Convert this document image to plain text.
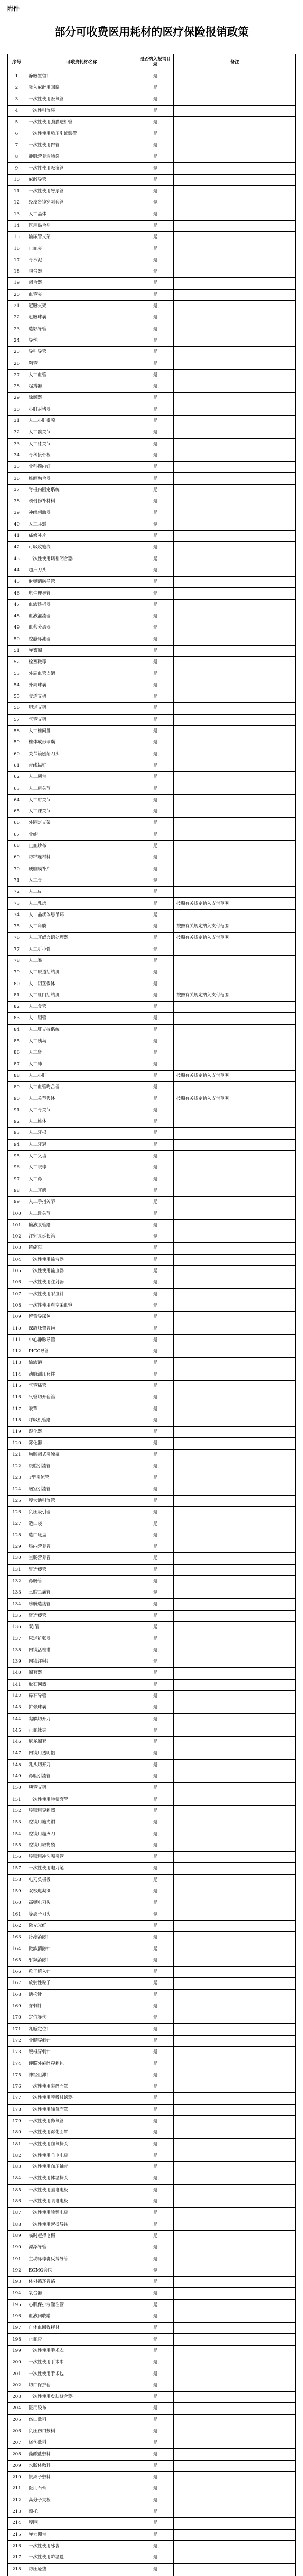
附件
部分可收费医用耗材的医疗保险报销政策
序号	可收费耗材名称	是否纳入报销目录	备注
1	静脉置留针	是	
2	吸入麻醉用回路	是	
3	一次性使用吸氧管	是	
4	一次性引流袋	是	
5	一次性使用腹膜透析管	是	
6	一次性使用负压引流装置	是	
7	一次性使用胃管	是	
8	静脉营养输液袋	是	
9	一次性使用吸痰管	是	
10	麻醉导管	是	
11	一次性使用导尿管	是	
12	经皮肾镜穿刺套管	是	
13	人工晶体	是	
14	医用黏合剂	是	
15	输尿管支架	是	
16	止血夹	是	
17	骨水泥	是	
18	吻合器	是	
19	闭合器	是	
20	血管夹	是	
21	冠脉支架	是	
22	冠脉球囊	是	
23	造影导管	是	
24	导丝	是	
25	导引导管	是	
26	鞘管	是	
27	人工血管	是	
28	起搏器	是	
29	除颤器	是	
30	心脏封堵器	是	
31	人工心脏瓣膜	是	
32	人工髋关节	是	
33	人工膝关节	是	
34	骨科接骨板	是	
35	骨科髓内钉	是	
36	椎间融合器	是	
37	脊柱内固定系统	是	
38	颅骨修补材料	是	
39	神经刺激器	是	
40	人工耳蜗	是	
41	疝修补片	是	
42	可吸收缝线	是	
43	一次性使用切割闭合器	是	
44	超声刀头	是	
45	射频消融导管	是	
46	电生理导管	是	
47	血液透析器	是	
48	血液灌流器	是	
49	血浆分离器	是	
50	腔静脉滤器	是	
51	弹簧圈	是	
52	栓塞微球	是	
53	外周血管支架	是	
54	外周球囊	是	
55	食道支架	是	
56	胆道支架	是	
57	气管支架	是	
58	人工椎间盘	是	
59	椎体成形球囊	是	
60	关节镜刨削刀头	是	
61	带线锚钉	是	
62	人工韧带	是	
63	人工肩关节	是	
64	人工肘关节	是	
65	人工踝关节	是	
66	外固定支架	是	
67	骨蜡	是	
68	止血纱布	是	
69	防粘连材料	是	
70	硬脑膜补片	是	
71	人工骨	是	
72	人工皮	是	
73	人工乳房	是	按照有关规定纳入支付范围
74	人工晶状体悬吊环	是	
75	人工角膜	是	按照有关规定纳入支付范围
76	人工耳蜗言语处理器	是	按照有关规定纳入支付范围
77	人工听小骨	是	
78	人工喉	是	
79	人工尿道括约肌	是	
80	人工阴茎假体	是	
81	人工肛门括约肌	是	按照有关规定纳入支付范围
82	人工食管	是	
83	人工胆管	是	
84	人工肝支持系统	是	
85	人工胰岛	是	
86	人工肾	是	
87	人工肺	是	
88	人工心脏	是	按照有关规定纳入支付范围
89	人工血管吻合器	是	
90	人工关节假体	是	按照有关规定纳入支付范围
91	人工骨关节	是	
92	人工椎体	是	
93	人工牙根	是	
94	人工牙冠	是	
95	人工义齿	是	
96	人工眼球	是	
97	人工鼻	是	
98	人工耳廓	是	
99	人工手指关节	是	
100	人工趾关节	是	
101	输液泵管路	是	
102	注射泵延长管	是	
103	镇痛泵	是	
104	一次性使用输液器	是	
105	一次性使用输血器	是	
106	一次性使用注射器	是	
107	一次性使用采血针	是	
108	一次性使用真空采血管	是	
109	留置导尿包	是	
110	深静脉置管包	是	
111	中心静脉导管	是	
112	PICC导管	是	
113	输液港	是	
114	动脉测压套件	是	
115	气管插管	是	
116	气管切开套管	是	
117	喉罩	是	
118	呼吸机管路	是	
119	湿化器	是	
120	雾化器	是	
121	胸腔闭式引流瓶	是	
122	腹腔引流管	是	
123	T型引流管	是	
124	脑室引流管	是	
125	腰大池引流管	是	
126	负压吸引器	是	
127	造口袋	是	
128	造口底盘	是	
129	肠内营养管	是	
130	空肠营养管	是	
131	胃造瘘管	是	
132	鼻肠管	是	
133	三腔二囊管	是	
134	膀胱造瘘管	是	
135	肾造瘘管	是	
136	双J管	是	
137	尿道扩张器	是	
138	内镜活检钳	是	
139	内镜注射针	是	
140	圈套器	是	
141	取石网篮	是	
142	碎石导管	是	
143	扩张球囊	是	
144	黏膜切开刀	是	
145	止血钛夹	是	
146	尼龙圈套	是	
147	内镜用透明帽	是	
148	乳头切开刀	是	
149	鼻胆引流管	是	
150	胰管支架	是	
151	一次性使用腔镜套管	是	
152	腔镜用穿刺器	是	
153	腔镜用施夹钳	是	
154	腔镜用超声刀	是	
155	腔镜用取物袋	是	
156	腔镜用冲洗吸引管	是	
157	一次性使用电刀笔	是	
158	电刀负极板	是	
159	双极电凝镊	是	
160	高频电刀头	是	
161	等离子刀头	是	
162	激光光纤	是	
163	冷冻消融针	是	
164	微波消融针	是	
165	射频消融针	是	
166	粒子植入针	是	
167	放射性粒子	是	
168	活检针	是	
169	穿刺针	是	
170	定位导丝	是	
171	乳腺定位针	是	
172	骨髓穿刺针	是	
173	腰椎穿刺针	是	
174	硬膜外麻醉穿刺包	是	
175	神经阻滞针	是	
176	一次性使用麻醉面罩	是	
177	一次性使用呼吸过滤器	是	
178	一次性使用储氧面罩	是	
179	一次性使用鼻氧管	是	
180	一次性使用雾化面罩	是	
181	一次性使用血氧探头	是	
182	一次性使用心电电极	是	
183	一次性使用血压袖带	是	
184	一次性使用体温探头	是	
185	一次性使用脑电电极	是	
186	一次性使用肌电电极	是	
187	一次性使用除颤电极	是	
188	一次性使用起搏导线	是	
189	临时起搏电极	是	
190	漂浮导管	是	
191	主动脉球囊反搏导管	是	
192	ECMO套包	是	
193	体外循环管路	是	
194	氧合器	是	
195	心肌保护液灌注管	是	
196	血液回收罐	是	
197	自体血回收耗材	是	
198	止血带	是	
199	一次性使用手术衣	是	
200	一次性使用手术巾	是	
201	一次性使用手术包	是	
202	切口保护套	是	
203	一次性使用皮肤缝合器	是	
204	医用胶布	是	
205	伤口敷料	是	
206	负压伤口敷料	是	
207	烧伤敷料	是	
208	藻酸盐敷料	是	
209	水胶体敷料	是	
210	银离子敷料	是	
211	医用石膏	是	
212	高分子夹板	是	
213	颈托	是	
214	腰围	是	
215	弹力绷带	是	
216	一次性使用冰袋	是	
217	一次性使用降温毯	是	
218	防压疮垫	是	
